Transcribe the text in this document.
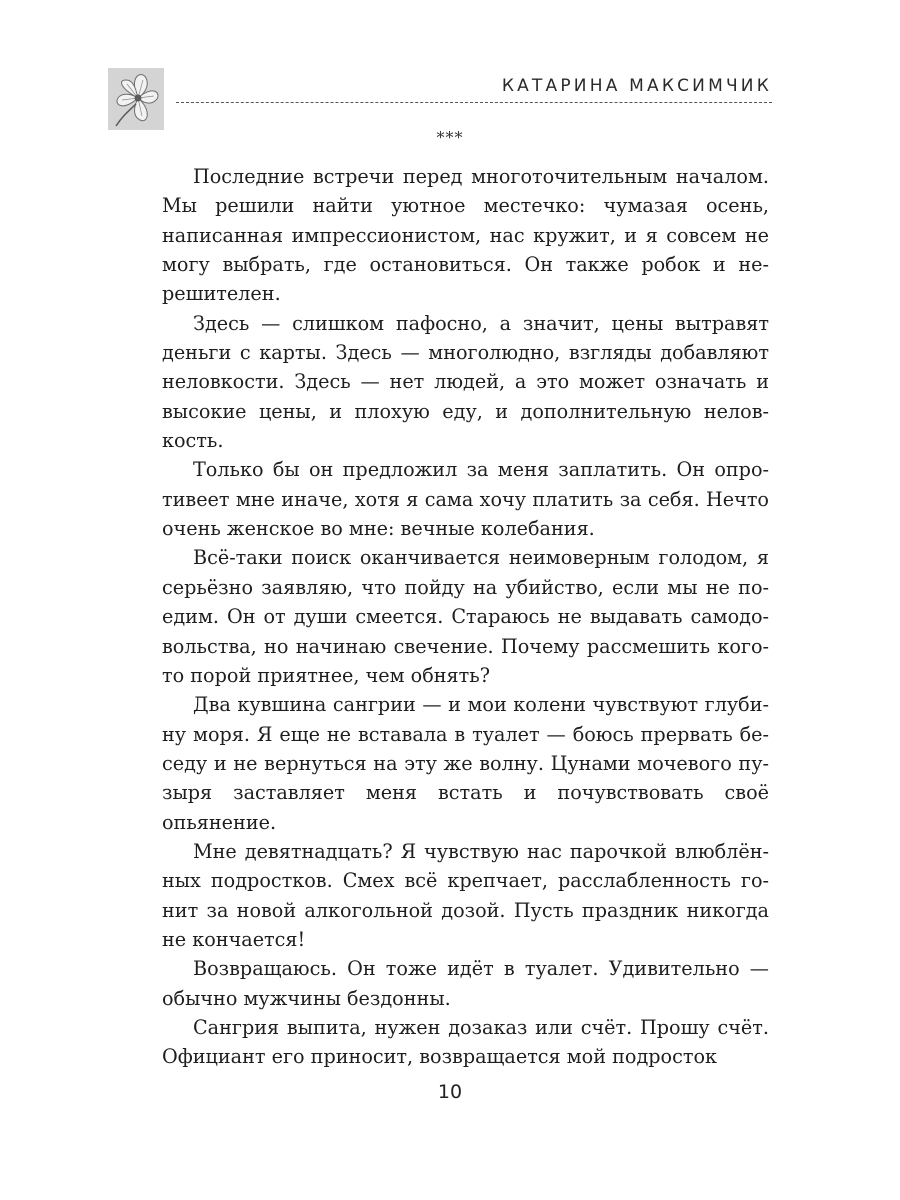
КАТАРИНА МАКСИМЧИК
***

Последние встречи перед многоточительным началом. Мы решили найти уютное местечко: чумазая осень, написанная импрессионистом, нас кружит, и я совсем не могу выбрать, где остановиться. Он также робок и нерешителен.

Здесь — слишком пафосно, а значит, цены вытравят деньги с карты. Здесь — многолюдно, взгляды добавляют неловкости. Здесь — нет людей, а это может означать и высокие цены, и плохую еду, и дополнительную неловкость.

Только бы он предложил за меня заплатить. Он опротивеет мне иначе, хотя я сама хочу платить за себя. Нечто очень женское во мне: вечные колебания.

Всё-таки поиск оканчивается неимоверным голодом, я серьёзно заявляю, что пойду на убийство, если мы не поедим. Он от души смеется. Стараюсь не выдавать самодовольства, но начинаю свечение. Почему рассмешить кого-то порой приятнее, чем обнять?

Два кувшина сангрии — и мои колени чувствуют глубину моря. Я еще не вставала в туалет — боюсь прервать беседу и не вернуться на эту же волну. Цунами мочевого пузыря заставляет меня встать и почувствовать своё опьянение.

Мне девятнадцать? Я чувствую нас парочкой влюблённых подростков. Смех всё крепчает, расслабленность гонит за новой алкогольной дозой. Пусть праздник никогда не кончается!

Возвращаюсь. Он тоже идёт в туалет. Удивительно — обычно мужчины бездонны.

Сангрия выпита, нужен дозаказ или счёт. Прошу счёт. Официант его приносит, возвращается мой подросток

10
